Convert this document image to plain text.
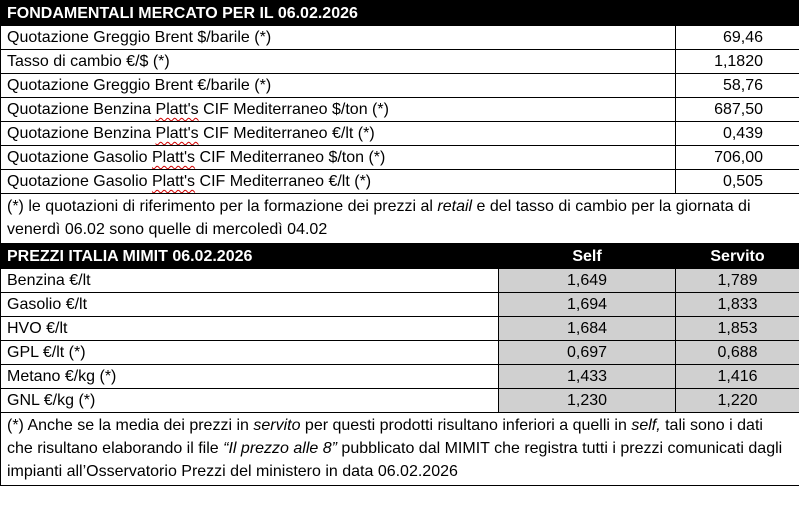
FONDAMENTALI MERCATO PER IL 06.02.2026		
Quotazione Greggio Brent $/barile (*)		69,46
Tasso di cambio €/$ (*)		1,1820
Quotazione Greggio Brent €/barile (*)		58,76
Quotazione Benzina Platt's CIF Mediterraneo $/ton (*)		687,50
Quotazione Benzina Platt's CIF Mediterraneo €/lt (*)		0,439
Quotazione Gasolio Platt's CIF Mediterraneo $/ton (*)		706,00
Quotazione Gasolio Platt's CIF Mediterraneo €/lt (*)		0,505
(*) le quotazioni di riferimento per la formazione dei prezzi al retail e del tasso di cambio per la giornata di venerdì 06.02 sono quelle di mercoledì 04.02		
PREZZI ITALIA MIMIT 06.02.2026	Self	Servito
Benzina €/lt	1,649	1,789
Gasolio €/lt	1,694	1,833
HVO €/lt	1,684	1,853
GPL €/lt (*)	0,697	0,688
Metano €/kg (*)	1,433	1,416
GNL €/kg (*)	1,230	1,220
(*) Anche se la media dei prezzi in servito per questi prodotti risultano inferiori a quelli in self, tali sono i dati che risultano elaborando il file “Il prezzo alle 8” pubblicato dal MIMIT che registra tutti i prezzi comunicati dagli impianti all’Osservatorio Prezzi del ministero in data 06.02.2026		
